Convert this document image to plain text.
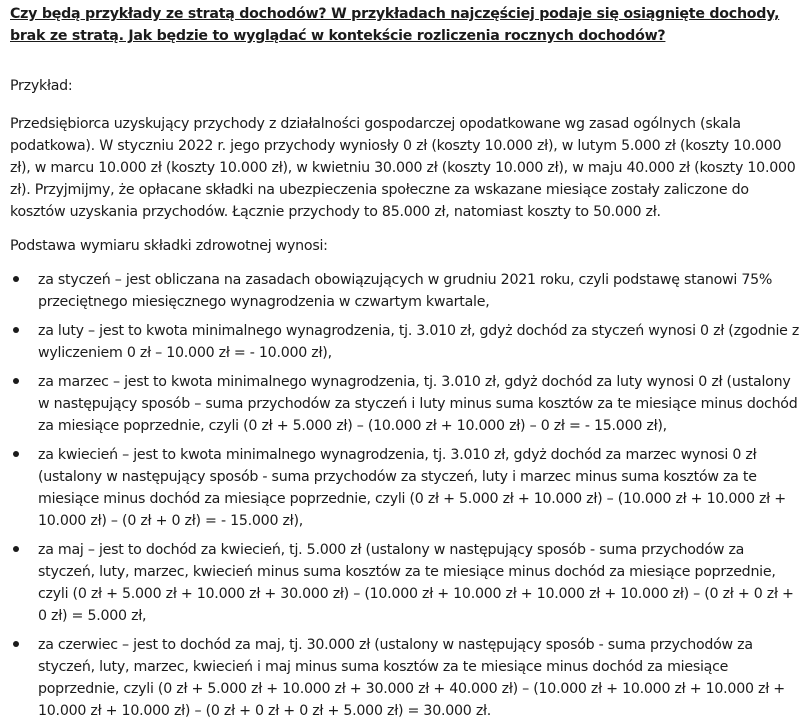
Czy będą przykłady ze stratą dochodów? W przykładach najczęściej podaje się osiągnięte dochody, brak ze stratą. Jak będzie to wyglądać w kontekście rozliczenia rocznych dochodów?

Przykład:

Przedsiębiorca uzyskujący przychody z działalności gospodarczej opodatkowane wg zasad ogólnych (skala podatkowa). W styczniu 2022 r. jego przychody wyniosły 0 zł (koszty 10.000 zł), w lutym 5.000 zł (koszty 10.000 zł), w marcu 10.000 zł (koszty 10.000 zł), w kwietniu 30.000 zł (koszty 10.000 zł), w maju 40.000 zł (koszty 10.000 zł). Przyjmijmy, że opłacane składki na ubezpieczenia społeczne za wskazane miesiące zostały zaliczone do kosztów uzyskania przychodów. Łącznie przychody to 85.000 zł, natomiast koszty to 50.000 zł.

Podstawa wymiaru składki zdrowotnej wynosi:

za styczeń – jest obliczana na zasadach obowiązujących w grudniu 2021 roku, czyli podstawę stanowi 75% przeciętnego miesięcznego wynagrodzenia w czwartym kwartale,
za luty – jest to kwota minimalnego wynagrodzenia, tj. 3.010 zł, gdyż dochód za styczeń wynosi 0 zł (zgodnie z wyliczeniem 0 zł – 10.000 zł = - 10.000 zł),
za marzec – jest to kwota minimalnego wynagrodzenia, tj. 3.010 zł, gdyż dochód za luty wynosi 0 zł (ustalony w następujący sposób – suma przychodów za styczeń i luty minus suma kosztów za te miesiące minus dochód za miesiące poprzednie, czyli (0 zł + 5.000 zł) – (10.000 zł + 10.000 zł) – 0 zł = - 15.000 zł),
za kwiecień – jest to kwota minimalnego wynagrodzenia, tj. 3.010 zł, gdyż dochód za marzec wynosi 0 zł (ustalony w następujący sposób - suma przychodów za styczeń, luty i marzec minus suma kosztów za te miesiące minus dochód za miesiące poprzednie, czyli (0 zł + 5.000 zł + 10.000 zł) – (10.000 zł + 10.000 zł + 10.000 zł) – (0 zł + 0 zł) = - 15.000 zł),
za maj – jest to dochód za kwiecień, tj. 5.000 zł (ustalony w następujący sposób - suma przychodów za styczeń, luty, marzec, kwiecień minus suma kosztów za te miesiące minus dochód za miesiące poprzednie, czyli (0 zł + 5.000 zł + 10.000 zł + 30.000 zł) – (10.000 zł + 10.000 zł + 10.000 zł + 10.000 zł) – (0 zł + 0 zł + 0 zł) = 5.000 zł,
za czerwiec – jest to dochód za maj, tj. 30.000 zł (ustalony w następujący sposób - suma przychodów za styczeń, luty, marzec, kwiecień i maj minus suma kosztów za te miesiące minus dochód za miesiące poprzednie, czyli (0 zł + 5.000 zł + 10.000 zł + 30.000 zł + 40.000 zł) – (10.000 zł + 10.000 zł + 10.000 zł + 10.000 zł + 10.000 zł) – (0 zł + 0 zł + 0 zł + 5.000 zł) = 30.000 zł.
